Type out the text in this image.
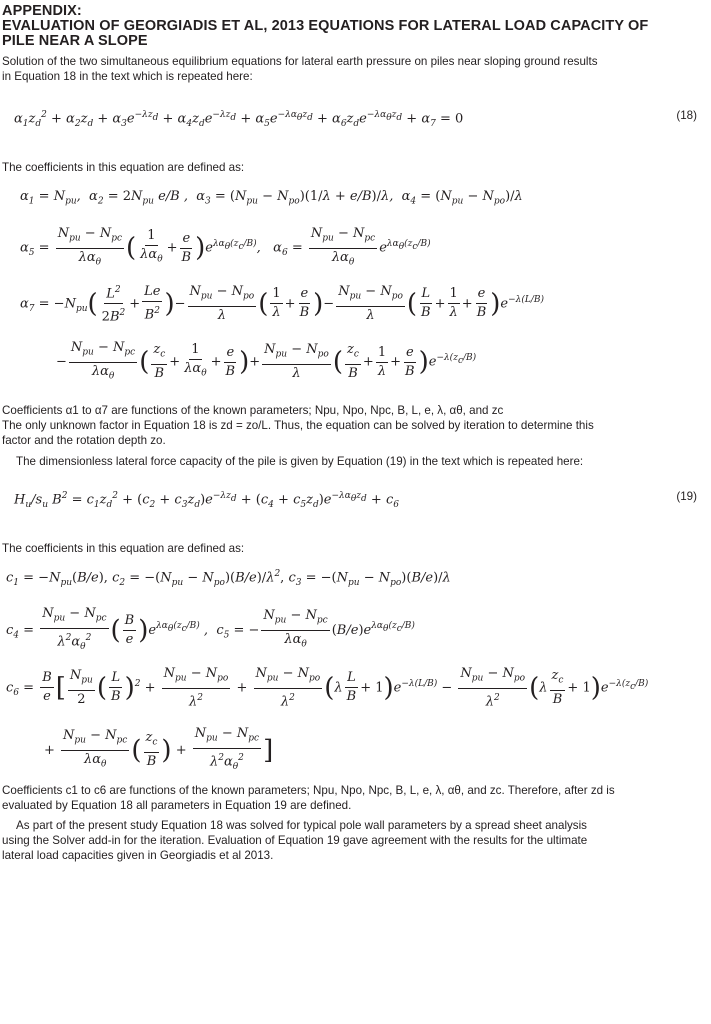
APPENDIX:
EVALUATION OF GEORGIADIS ET AL, 2013 EQUATIONS FOR LATERAL LOAD CAPACITY OF
PILE NEAR A SLOPE
Solution of the two simultaneous equilibrium equations for lateral earth pressure on piles near sloping ground results
in Equation 18 in the text which is repeated here:
$\alpha_1z_d^2 + \alpha_2z_d + \alpha_3e^{-\lambda z_d} + \alpha_4z_de^{-\lambda z_d} + \alpha_5e^{-\lambda\alpha_\theta z_d} + \alpha_6z_de^{-\lambda\alpha_\theta z_d} + \alpha_7 = 0$	(18)
The coefficients in this equation are defined as:
$\alpha_1 = N_{pu}$,  $\alpha_2 = 2N_{pu}$ e/B ,  $\alpha_3 = (N_{pu} - N_{po})(1/\lambda + e/B)/\lambda$,  $\alpha_4 = (N_{pu} - N_{po})/\lambda$
$\alpha_5$ =
$N_{pu} - N_{pc}$
$\lambda\alpha_\theta$ ( 1
$\lambda\alpha_\theta$
+ $\frac{e}{B} )e^{\lambda\alpha_\theta(z_c/B)}$,   $\alpha_6$ =
$N_{pu} - N_{pc}$
$\lambda\alpha_\theta$
$e^{\lambda\alpha_\theta(z_c/B)}$
$\alpha_7 = -N_{pu}( \frac{L^2}{2B^2} + \frac{Le}{B^2}$ )−
$N_{pu} - N_{po}$
λ ( $\frac{1}{\lambda} + \frac{e}{B}$ )−
$N_{pu} - N_{po}$
λ ( $\frac{L}{B} + \frac{1}{\lambda} + \frac{e}{B} )e^{-\lambda(L/B)}$
−
$N_{pu} - N_{pc}$
$\lambda\alpha_\theta$ ( $\frac{z_c}{B}$ +
1
$\lambda\alpha_\theta$
+ $\frac{e}{B}$ )+
$N_{pu} - N_{po}$
λ ( $\frac{z_c}{B} + \frac{1}{\lambda} + \frac{e}{B} )e^{-\lambda(z_c/B)}$
Coefficients α1 to α7 are functions of the known parameters; Npu, Npo, Npc, B, L, e, λ, αθ, and zc
The only unknown factor in Equation 18 is zd = zo/L. Thus, the equation can be solved by iteration to determine this
factor and the rotation depth zo.
The dimensionless lateral force capacity of the pile is given by Equation (19) in the text which is repeated here:
$H_u/s_u$ $B^2 = c_1z_d^2 + (c_2 + c_3z_d)e^{-\lambda z_d} + (c_4 + c_5z_d)e^{-\lambda\alpha_\theta z_d} + c_6$
(19)
The coefficients in this equation are defined as:
$c_1 = -N_{pu}(B/e)$, $c_2 = -(N_{pu} - N_{po})(B/e)/\lambda^2$, $c_3 = -(N_{pu} - N_{po})(B/e)/\lambda$
$c_4$ =
$N_{pu} - N_{pc}$
$\lambda^2\alpha_\theta^2$ ( $\frac{B}{e} )e^{\lambda\alpha_\theta(z_c/B)}$ ,  $c_5$ = −
$N_{pu} - N_{pc}$
$\lambda\alpha_\theta$
$(B/e)e^{\lambda\alpha_\theta(z_c/B)}$
$c_6 = \frac{B}{e}$ [ $N_{pu}$
2 ( $\frac{L}{B} )^2$ +
$N_{pu} - N_{po}$
$\lambda^2$
+
$N_{pu} - N_{po}$
$\lambda^2$ $(\lambda \frac{L}{B} + 1)e^{-\lambda(L/B)}$ −
$N_{pu} - N_{po}$
$\lambda^2$ $(\lambda \frac{z_c}{B} + 1)e^{-\lambda(z_c/B)}$
+
$N_{pu} - N_{pc}$
$\lambda\alpha_\theta$ ( $\frac{z_c}{B}$ ) +
$N_{pu} - N_{pc}$
$\lambda^2\alpha_\theta^2$ ]
Coefficients c1 to c6 are functions of the known parameters; Npu, Npo, Npc, B, L, e, λ, αθ, and zc. Therefore, after zd is
evaluated by Equation 18 all parameters in Equation 19 are defined.
As part of the present study Equation 18 was solved for typical pole wall parameters by a spread sheet analysis
using the Solver add-in for the iteration. Evaluation of Equation 19 gave agreement with the results for the ultimate
lateral load capacities given in Georgiadis et al 2013.
